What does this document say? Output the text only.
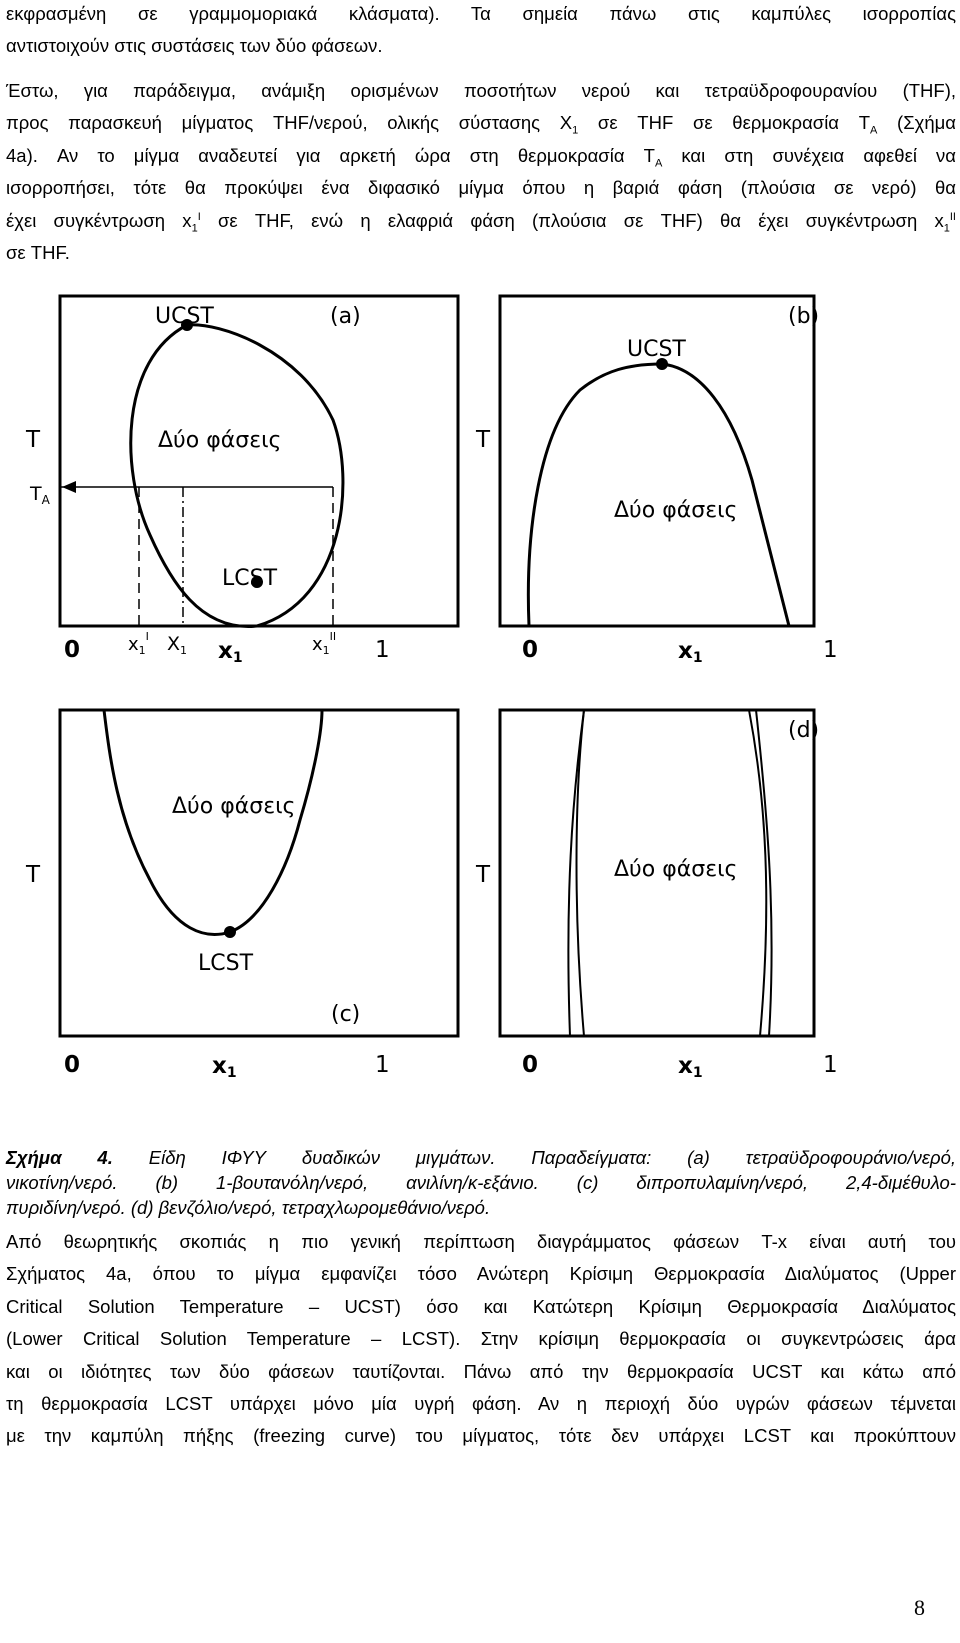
εκφρασμένη σε γραμμομοριακά κλάσματα). Τα σημεία πάνω στις καμπύλες ισορροπίας
αντιστοιχούν στις συστάσεις των δύο φάσεων.
Έστω, για παράδειγμα, ανάμιξη ορισμένων ποσοτήτων νερού και τετραϋδροφουρανίου (THF),
προς παρασκευή μίγματος THF/νερού, ολικής σύστασης $X_1$ σε THF σε θερμοκρασία $T_A$ (Σχήμα
4a). Αν το μίγμα αναδευτεί για αρκετή ώρα στη θερμοκρασία $T_A$ και στη συνέχεια αφεθεί να
ισορροπήσει, τότε θα προκύψει ένα διφασικό μίγμα όπου η βαριά φάση (πλούσια σε νερό) θα
έχει συγκέντρωση $x_1^I$ σε THF, ενώ η ελαφριά φάση (πλούσια σε THF) θα έχει συγκέντρωση $x_1^{II}$
σε THF.
UCST	(a)
Δύο φάσεις
LCST
T
$T_A$
0	$x_1^I$ $X_1$ x1
$x_1^{II}$
1
(b)
UCST
T
Δύο φάσεις
0	x1	1
Δύο φάσεις
T
LCST
(c)
0	x1	1
(d)
T	Δύο φάσεις
0	x1	1
Σχήμα 4. Είδη ΙΦΥΥ δυαδικών μιγμάτων. Παραδείγματα: (a) τετραϋδροφουράνιο/νερό,
νικοτίνη/νερό. (b) 1-βουτανόλη/νερό, ανιλίνη/κ-εξάνιο. (c) διπροπυλαμίνη/νερό, 2,4-διμέθυλο-
πυριδίνη/νερό. (d) βενζόλιο/νερό, τετραχλωρομεθάνιο/νερό.
Από θεωρητικής σκοπιάς η πιο γενική περίπτωση διαγράμματος φάσεων T-x είναι αυτή του
Σχήματος 4a, όπου το μίγμα εμφανίζει τόσο Ανώτερη Κρίσιμη Θερμοκρασία Διαλύματος (Upper
Critical Solution Temperature – UCST) όσο και Κατώτερη Κρίσιμη Θερμοκρασία Διαλύματος
(Lower Critical Solution Temperature – LCST). Στην κρίσιμη θερμοκρασία οι συγκεντρώσεις άρα
και οι ιδιότητες των δύο φάσεων ταυτίζονται. Πάνω από την θερμοκρασία UCST και κάτω από
τη θερμοκρασία LCST υπάρχει μόνο μία υγρή φάση. Αν η περιοχή δύο υγρών φάσεων τέμνεται
με την καμπύλη πήξης (freezing curve) του μίγματος, τότε δεν υπάρχει LCST και προκύπτουν
8
